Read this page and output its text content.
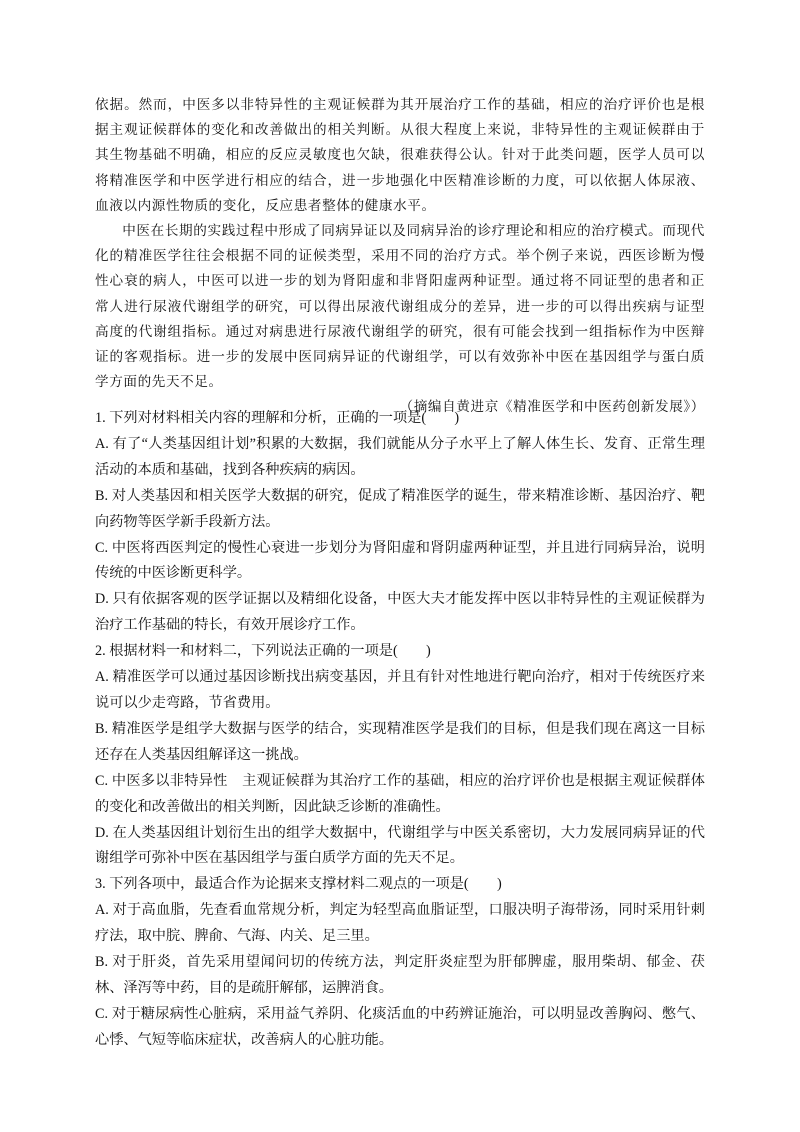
依据。然而，中医多以非特异性的主观证候群为其开展治疗工作的基础，相应的治疗评价也是根据主观证候群体的变化和改善做出的相关判断。从很大程度上来说，非特异性的主观证候群由于其生物基础不明确，相应的反应灵敏度也欠缺，很难获得公认。针对于此类问题，医学人员可以将精准医学和中医学进行相应的结合，进一步地强化中医精准诊断的力度，可以依据人体尿液、血液以内源性物质的变化，反应患者整体的健康水平。

中医在长期的实践过程中形成了同病异证以及同病异治的诊疗理论和相应的治疗模式。而现代化的精准医学往往会根据不同的证候类型，采用不同的治疗方式。举个例子来说，西医诊断为慢性心衰的病人，中医可以进一步的划为肾阳虚和非肾阳虚两种证型。通过将不同证型的患者和正常人进行尿液代谢组学的研究，可以得出尿液代谢组成分的差异，进一步的可以得出疾病与证型高度的代谢组指标。通过对病患进行尿液代谢组学的研究，很有可能会找到一组指标作为中医辩证的客观指标。进一步的发展中医同病异证的代谢组学，可以有效弥补中医在基因组学与蛋白质学方面的先天不足。

（摘编自黄进京《精准医学和中医药创新发展》）

1. 下列对材料相关内容的理解和分析，正确的一项是(　　)

A. 有了“人类基因组计划”积累的大数据，我们就能从分子水平上了解人体生长、发育、正常生理活动的本质和基础，找到各种疾病的病因。

B. 对人类基因和相关医学大数据的研究，促成了精准医学的诞生，带来精准诊断、基因治疗、靶向药物等医学新手段新方法。

C. 中医将西医判定的慢性心衰进一步划分为肾阳虚和肾阴虚两种证型，并且进行同病异治，说明传统的中医诊断更科学。

D. 只有依据客观的医学证据以及精细化设备，中医大夫才能发挥中医以非特异性的主观证候群为治疗工作基础的特长，有效开展诊疗工作。

2. 根据材料一和材料二，下列说法正确的一项是(　　)

A. 精准医学可以通过基因诊断找出病变基因，并且有针对性地进行靶向治疗，相对于传统医疗来说可以少走弯路，节省费用。

B. 精准医学是组学大数据与医学的结合，实现精准医学是我们的目标，但是我们现在离这一目标还存在人类基因组解译这一挑战。

C. 中医多以非特异性　主观证候群为其治疗工作的基础，相应的治疗评价也是根据主观证候群体的变化和改善做出的相关判断，因此缺乏诊断的准确性。

D. 在人类基因组计划衍生出的组学大数据中，代谢组学与中医关系密切，大力发展同病异证的代谢组学可弥补中医在基因组学与蛋白质学方面的先天不足。

3. 下列各项中，最适合作为论据来支撑材料二观点的一项是(　　)

A. 对于高血脂，先查看血常规分析，判定为轻型高血脂证型，口服决明子海带汤，同时采用针刺疗法，取中脘、脾俞、气海、内关、足三里。

B. 对于肝炎，首先采用望闻问切的传统方法，判定肝炎症型为肝郁脾虚，服用柴胡、郁金、茯林、泽泻等中药，目的是疏肝解郁，运脾消食。

C. 对于糖尿病性心脏病，采用益气养阴、化痰活血的中药辨证施治，可以明显改善胸闷、憋气、心悸、气短等临床症状，改善病人的心脏功能。
